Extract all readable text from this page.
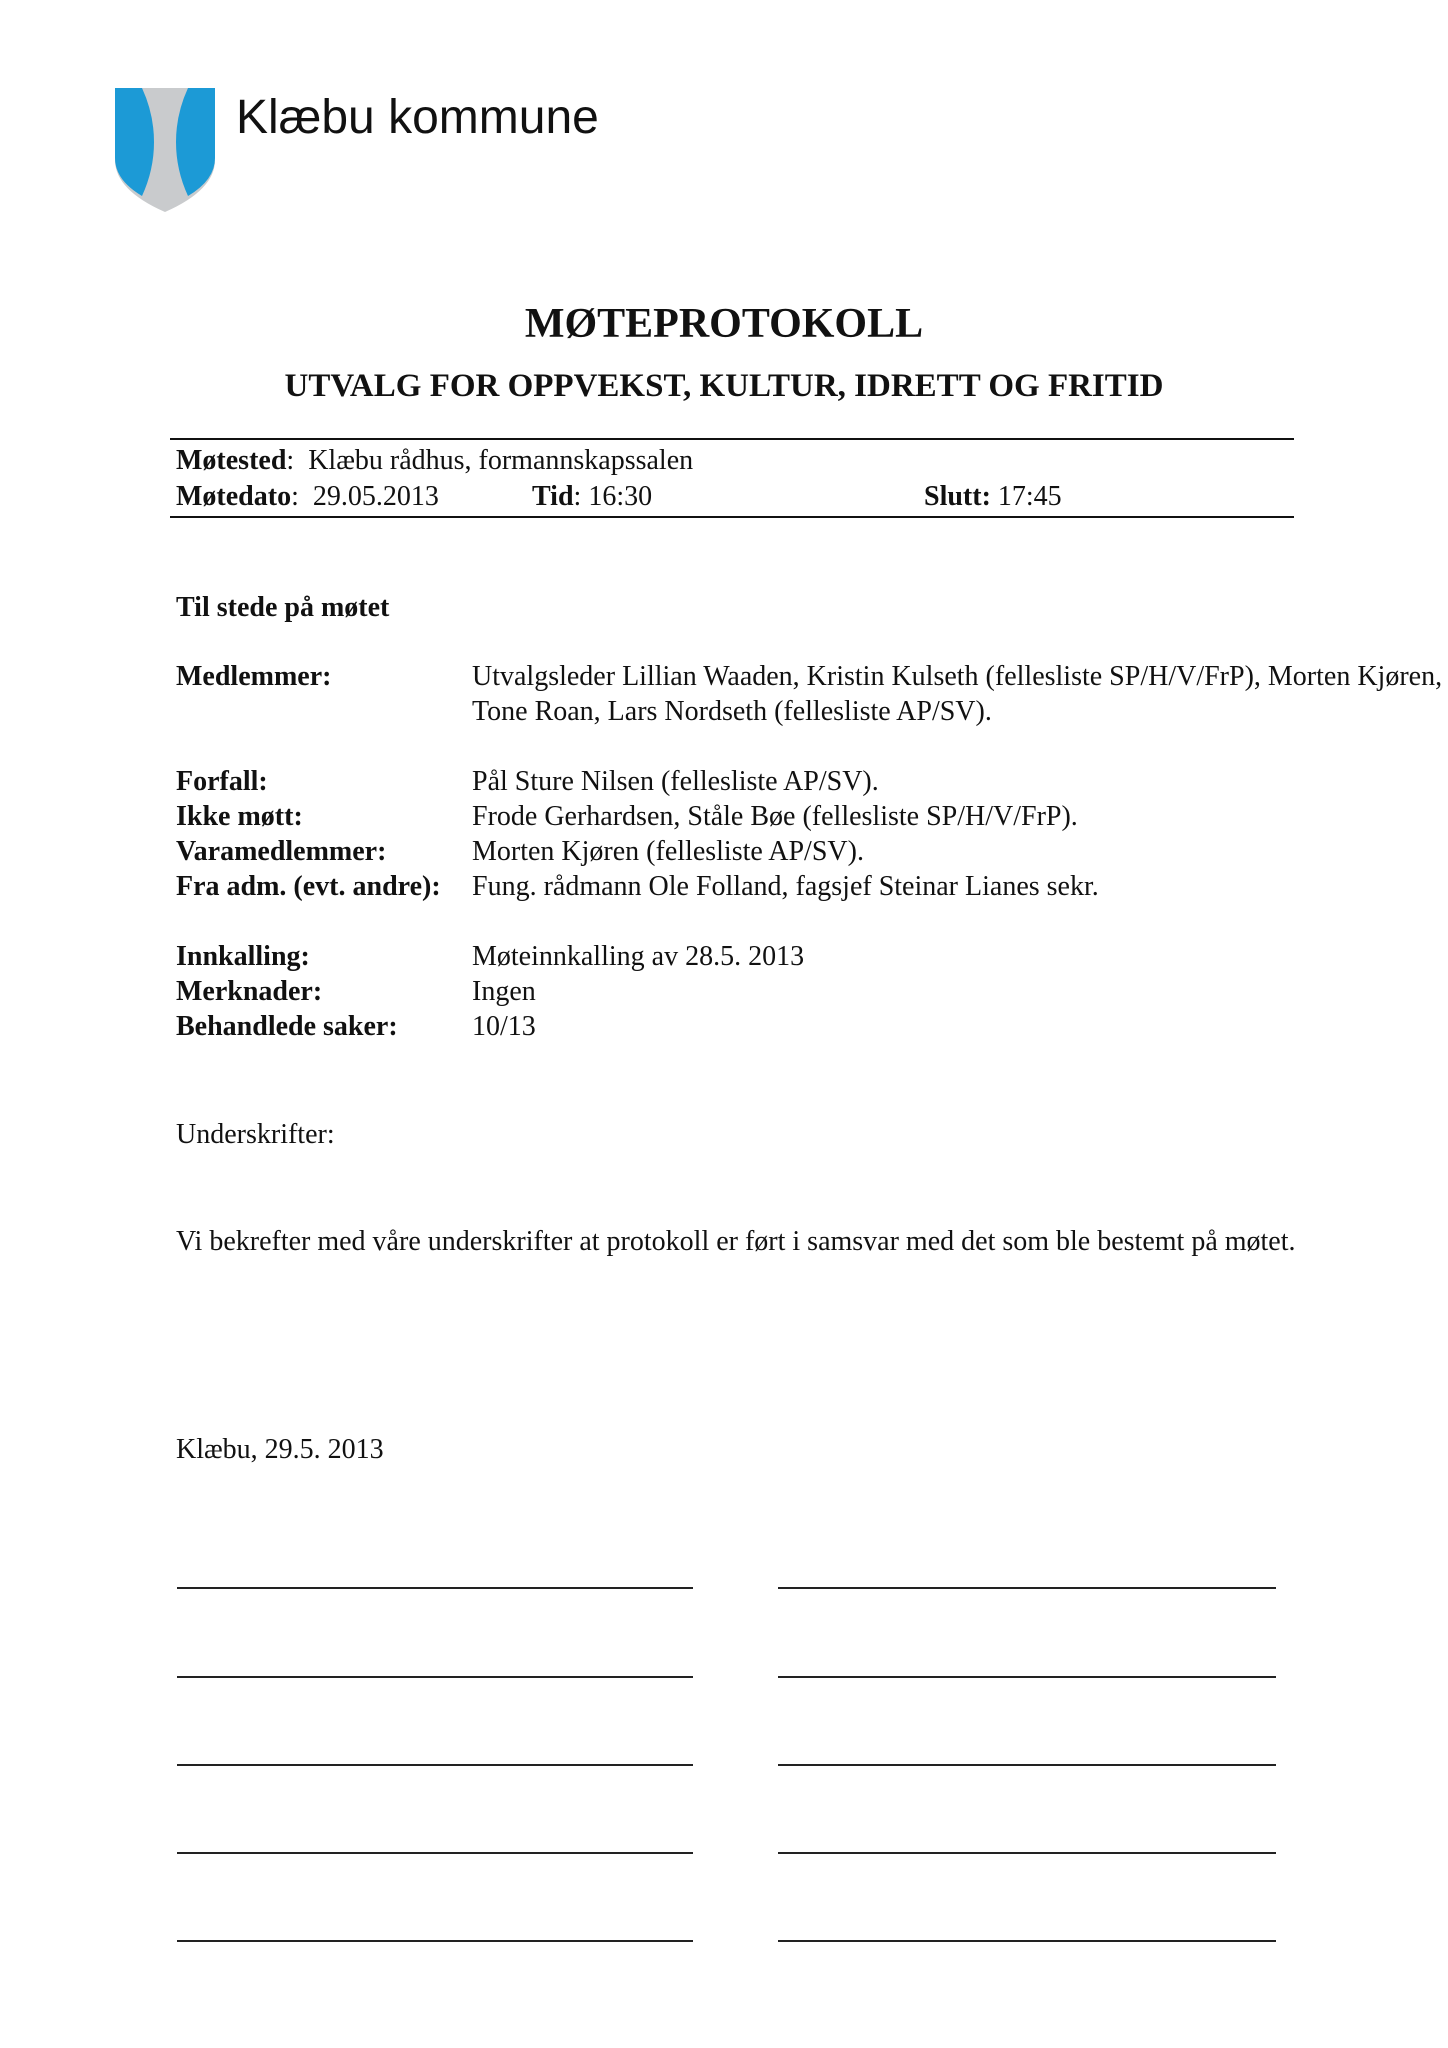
Klæbu kommune
MØTEPROTOKOLL
UTVALG FOR OPPVEKST, KULTUR, IDRETT OG FRITID
Møtested:  Klæbu rådhus, formannskapssalen
Møtedato:  29.05.2013	Tid: 16:30	Slutt: 17:45
Til stede på møtet
Medlemmer:	Utvalgsleder Lillian Waaden, Kristin Kulseth (fellesliste SP/H/V/FrP), Morten Kjøren, Tone Roan, Lars Nordseth (fellesliste AP/SV).
Forfall:	Pål Sture Nilsen (fellesliste AP/SV).
Ikke møtt:	Frode Gerhardsen, Ståle Bøe (fellesliste SP/H/V/FrP).
Varamedlemmer:	Morten Kjøren (fellesliste AP/SV).
Fra adm. (evt. andre): Fung. rådmann Ole Folland, fagsjef Steinar Lianes sekr.
Innkalling:	Møteinnkalling av 28.5. 2013
Merknader:	Ingen
Behandlede saker:	10/13
Underskrifter:
Vi bekrefter med våre underskrifter at protokoll er ført i samsvar med det som ble bestemt på møtet.
Klæbu, 29.5. 2013
